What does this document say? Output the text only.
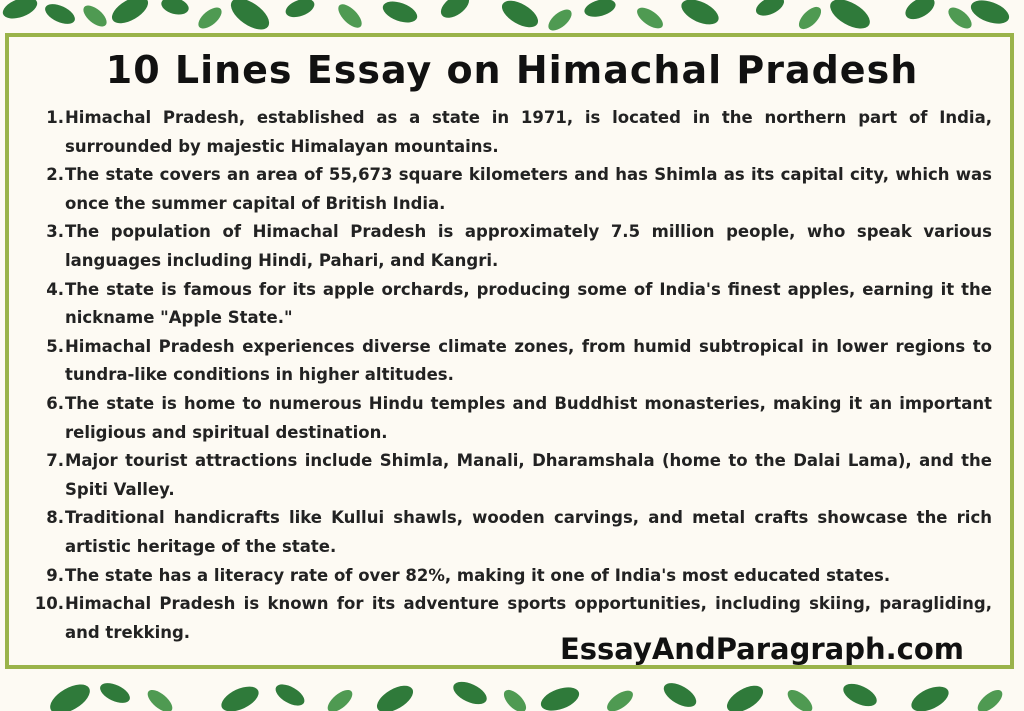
10 Lines Essay on Himachal Pradesh
1. Himachal Pradesh, established as a state in 1971, is located in the northern part of India, surrounded by majestic Himalayan mountains.
2. The state covers an area of 55,673 square kilometers and has Shimla as its capital city, which was once the summer capital of British India.
3. The population of Himachal Pradesh is approximately 7.5 million people, who speak various languages including Hindi, Pahari, and Kangri.
4. The state is famous for its apple orchards, producing some of India's finest apples, earning it the nickname "Apple State."
5. Himachal Pradesh experiences diverse climate zones, from humid subtropical in lower regions to tundra-like conditions in higher altitudes.
6. The state is home to numerous Hindu temples and Buddhist monasteries, making it an important religious and spiritual destination.
7. Major tourist attractions include Shimla, Manali, Dharamshala (home to the Dalai Lama), and the Spiti Valley.
8. Traditional handicrafts like Kullui shawls, wooden carvings, and metal crafts showcase the rich artistic heritage of the state.
9. The state has a literacy rate of over 82%, making it one of India's most educated states.
10. Himachal Pradesh is known for its adventure sports opportunities, including skiing, paragliding, and trekking.	EssayAndParagraph.com
